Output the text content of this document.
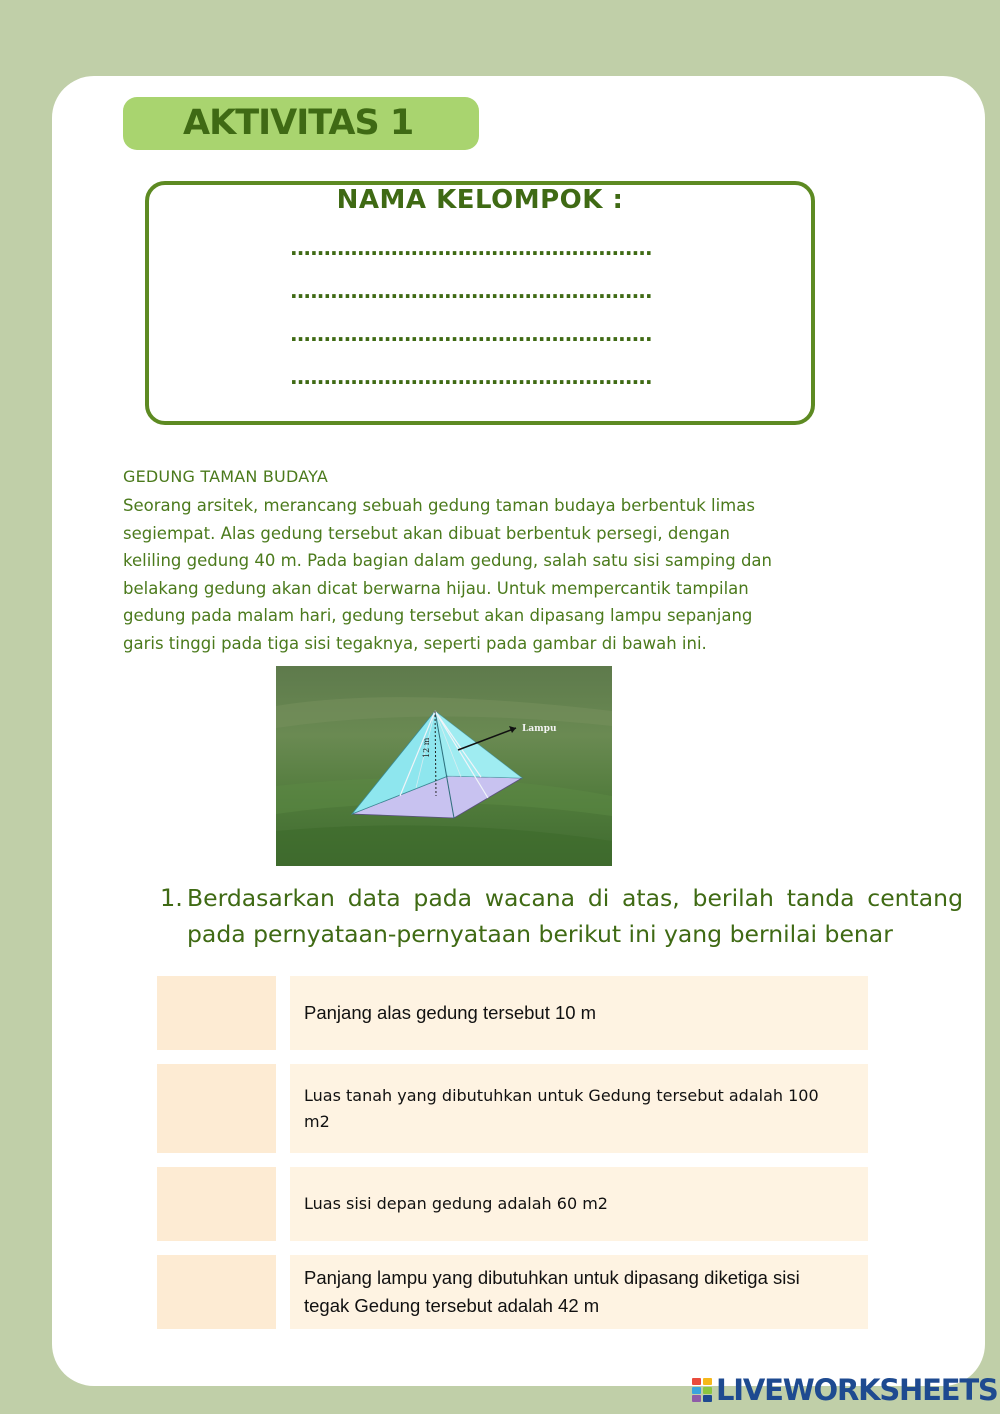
AKTIVITAS 1
NAMA KELOMPOK :
......................................................
......................................................
......................................................
......................................................
GEDUNG TAMAN BUDAYA

Seorang arsitek, merancang sebuah gedung taman budaya berbentuk limas
segiempat. Alas gedung tersebut akan dibuat berbentuk persegi, dengan
keliling gedung 40 m. Pada bagian dalam gedung, salah satu sisi samping dan
belakang gedung akan dicat berwarna hijau. Untuk mempercantik tampilan
gedung pada malam hari, gedung tersebut akan dipasang lampu sepanjang
garis tinggi pada tiga sisi tegaknya, seperti pada gambar di bawah ini.

12 m
Lampu
1. Berdasarkan data pada wacana di atas, berilah tanda centang pada pernyataan-pernyataan berikut ini yang bernilai benar
Panjang alas gedung tersebut 10 m
Luas tanah yang dibutuhkan untuk Gedung tersebut adalah 100 m2
Luas sisi depan gedung adalah 60 m2
Panjang lampu yang dibutuhkan untuk dipasang diketiga sisi tegak Gedung tersebut adalah 42 m
LIVEWORKSHEETS
